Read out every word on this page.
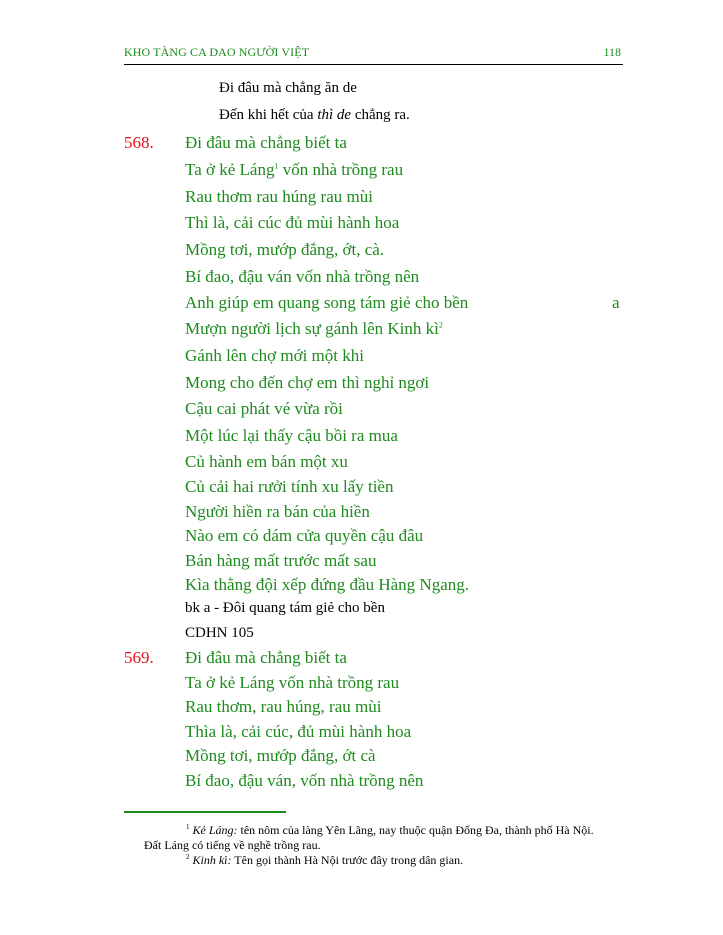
KHO TÀNG CA DAO NGƯỜI VIỆT	118
Đi đâu mà chẳng ăn de
Đến khi hết của thì de chẳng ra.
568. Đi đâu mà chẳng biết ta
Ta ở kẻ Láng$^1$ vốn nhà trồng rau
Rau thơm rau húng rau mùi
Thì là, cải cúc đủ mùi hành hoa
Mồng tơi, mướp đắng, ớt, cà.
Bí đao, đậu ván vốn nhà trồng nên
Anh giúp em quang song tám giẻ cho bền	a
Mượn người lịch sự gánh lên Kinh $kì^2$
Gánh lên chợ mới một khi
Mong cho đến chợ em thì nghỉ ngơi
Cậu cai phát vé vừa rồi
Một lúc lại thấy cậu bồi ra mua
Củ hành em bán một xu
Củ cải hai rưởi tính xu lấy tiền
Người hiền ra bán của hiền
Nào em có dám cửa quyền cậu đâu
Bán hàng mất trước mất sau
Kìa thằng đội xếp đứng đầu Hàng Ngang.
bk a - Đôi quang tám giẻ cho bền
CDHN 105
569. Đi đâu mà chẳng biết ta
Ta ở kẻ Láng vốn nhà trồng rau
Rau thơm, rau húng, rau mùi
Thìa là, cải cúc, đủ mùi hành hoa
Mồng tơi, mướp đắng, ớt cà
Bí đao, đậu ván, vốn nhà trồng nên
$^1$ Kẻ Láng: tên nôm của làng Yên Lãng, nay thuộc quận Đống Đa, thành phố Hà Nội.
Đất Láng có tiếng về nghề trồng rau.
$^2$ Kinh kì: Tên gọi thành Hà Nội trước đây trong dân gian.
